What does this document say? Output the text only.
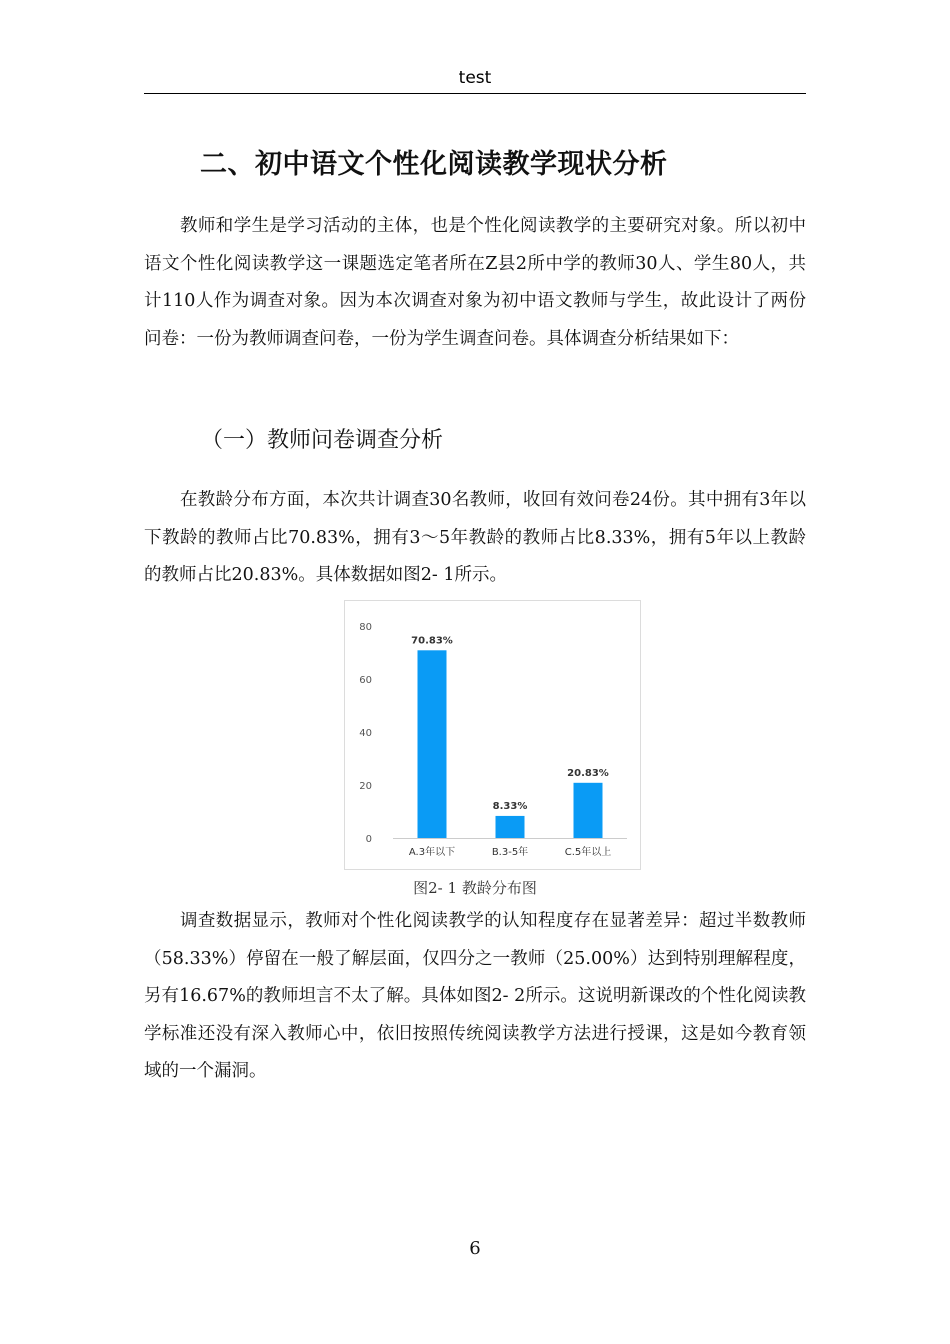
test
二、初中语文个性化阅读教学现状分析
教师和学生是学习活动的主体，也是个性化阅读教学的主要研究对象。所以初中语文个性化阅读教学这一课题选定笔者所在Z县2所中学的教师30人、学生80人，共计110人作为调查对象。因为本次调查对象为初中语文教师与学生，故此设计了两份问卷：一份为教师调查问卷，一份为学生调查问卷。具体调查分析结果如下：
（一）教师问卷调查分析
在教龄分布方面，本次共计调查30名教师，收回有效问卷24份。其中拥有3年以下教龄的教师占比70.83%，拥有3～5年教龄的教师占比8.33%，拥有5年以上教龄的教师占比20.83%。具体数据如图2- 1所示。
0
20
40
60
80
70.83%
A.3年以下
8.33%
B.3-5年
20.83%
C.5年以上
图2- 1 教龄分布图
调查数据显示，教师对个性化阅读教学的认知程度存在显著差异：超过半数教师（58.33%）停留在一般了解层面，仅四分之一教师（25.00%）达到特别理解程度，另有16.67%的教师坦言不太了解。具体如图2- 2所示。这说明新课改的个性化阅读教学标准还没有深入教师心中，依旧按照传统阅读教学方法进行授课，这是如今教育领域的一个漏洞。
6
